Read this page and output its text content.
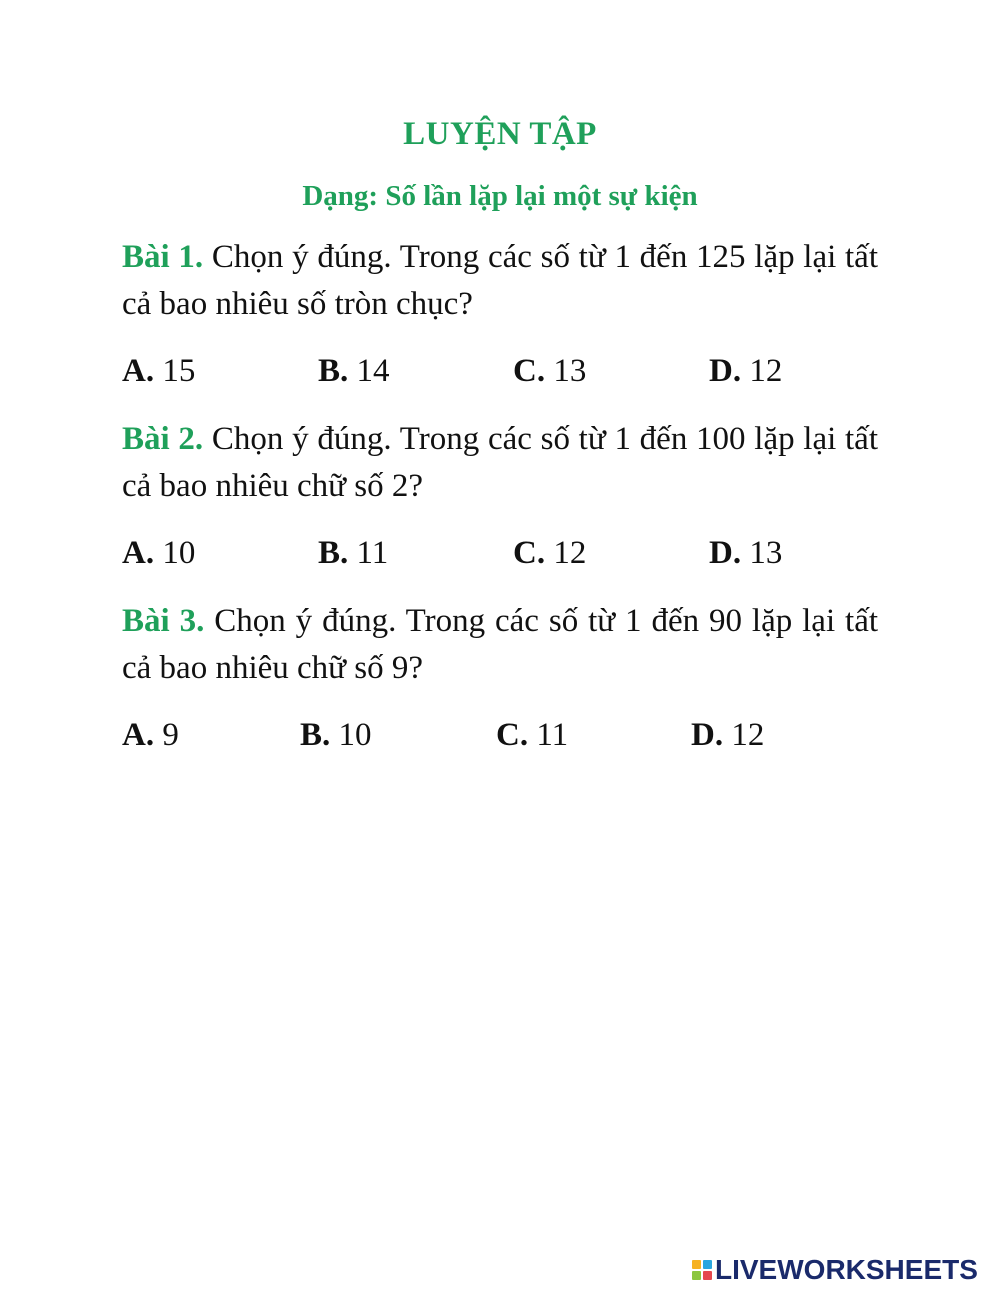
LUYỆN TẬP
Dạng: Số lần lặp lại một sự kiện
Bài 1. Chọn ý đúng. Trong các số từ 1 đến 125 lặp lại tất cả bao nhiêu số tròn chục?
A. 15	B. 14	C. 13	D. 12
Bài 2. Chọn ý đúng. Trong các số từ 1 đến 100 lặp lại tất cả bao nhiêu chữ số 2?
A. 10	B. 11	C. 12	D. 13
Bài 3. Chọn ý đúng. Trong các số từ 1 đến 90 lặp lại tất cả bao nhiêu chữ số 9?
A. 9	B. 10	C. 11	D. 12
LIVEWORKSHEETS
